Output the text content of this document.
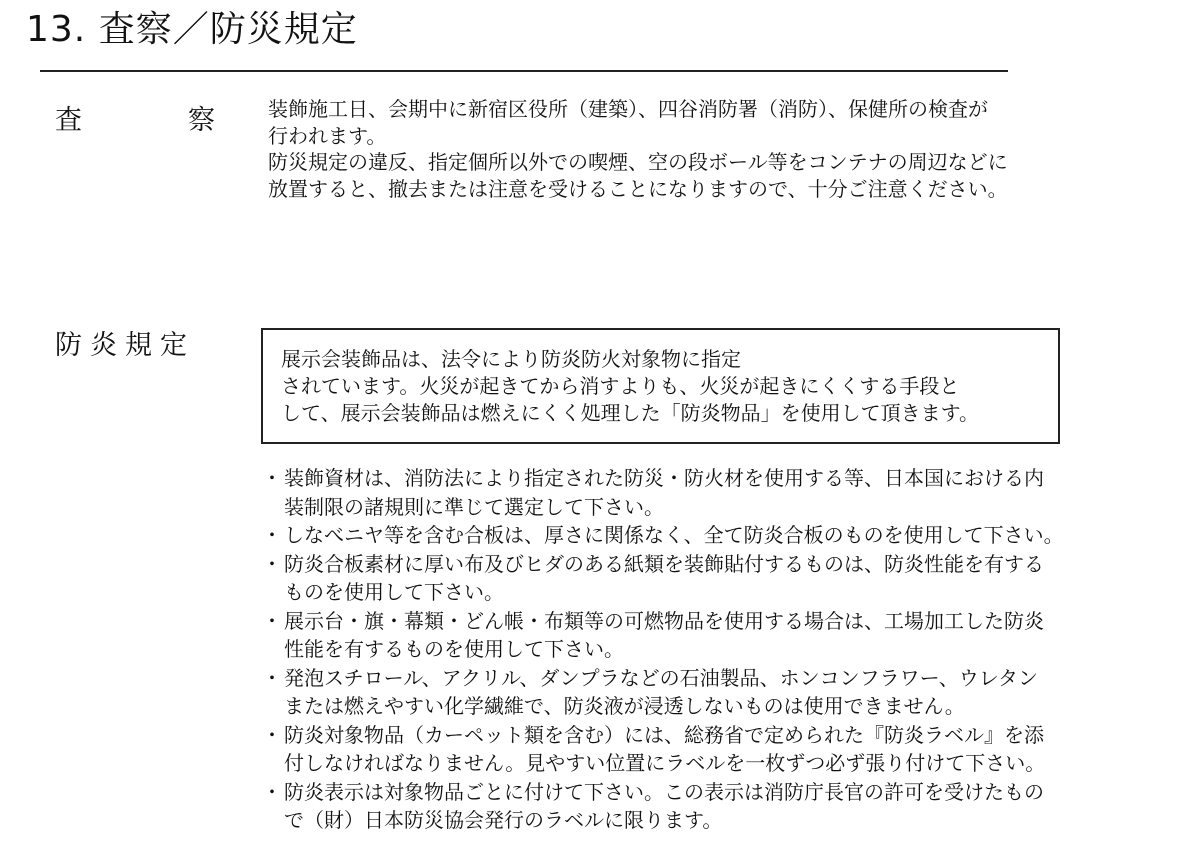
13. 査察／防災規定
査	察	装飾施工日、会期中に新宿区役所（建築）、四谷消防署（消防）、保健所の検査が
行われます。
防災規定の違反、指定個所以外での喫煙、空の段ボール等をコンテナの周辺などに
放置すると、撤去または注意を受けることになりますので、十分ご注意ください。
防炎規定	展示会装飾品は、法令により防炎防火対象物に指定
されています。火災が起きてから消すよりも、火災が起きにくくする手段と
して、展示会装飾品は燃えにくく処理した「防炎物品」を使用して頂きます。
・ 装飾資材は、消防法により指定された防災・防火材を使用する等、日本国における内
装制限の諸規則に準じて選定して下さい。
・ しなべニヤ等を含む合板は、厚さに関係なく、全て防炎合板のものを使用して下さい。
・ 防炎合板素材に厚い布及びヒダのある紙類を装飾貼付するものは、防炎性能を有する
ものを使用して下さい。
・ 展示台・旗・幕類・どん帳・布類等の可燃物品を使用する場合は、工場加工した防炎
性能を有するものを使用して下さい。
・ 発泡スチロール、アクリル、ダンプラなどの石油製品、ホンコンフラワー、ウレタン
または燃えやすい化学繊維で、防炎液が浸透しないものは使用できません。
・ 防炎対象物品（カーペット類を含む）には、総務省で定められた『防炎ラベル』を添
付しなければなりません。見やすい位置にラベルを一枚ずつ必ず張り付けて下さい。
・ 防炎表示は対象物品ごとに付けて下さい。この表示は消防庁長官の許可を受けたもの
で（財）日本防災協会発行のラベルに限ります。
